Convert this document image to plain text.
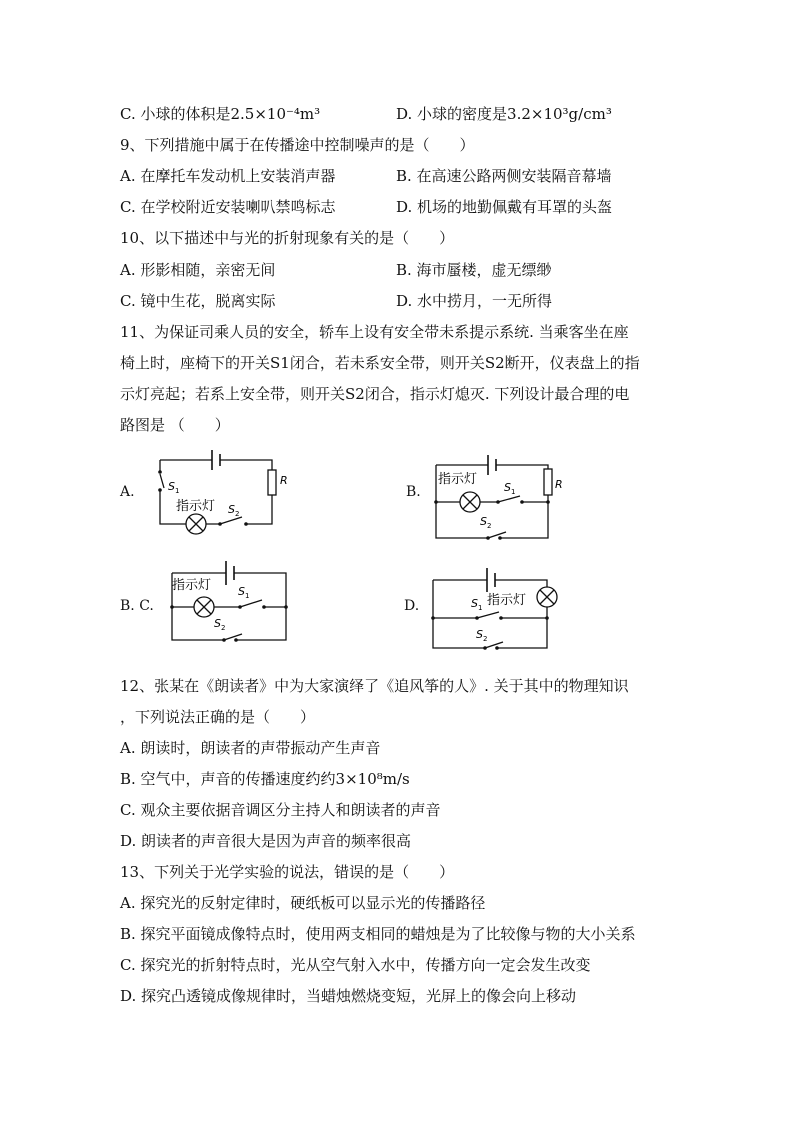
C. 小球的体积是2.5×10⁻⁴m³	D. 小球的密度是3.2×10³g/cm³
9、下列措施中属于在传播途中控制噪声的是（　　）
A. 在摩托车发动机上安装消声器	B. 在高速公路两侧安装隔音幕墙
C. 在学校附近安装喇叭禁鸣标志	D. 机场的地勤佩戴有耳罩的头盔
10、以下描述中与光的折射现象有关的是（　　）
A. 形影相随，亲密无间	B. 海市蜃楼，虚无缥缈
C. 镜中生花，脱离实际	D. 水中捞月，一无所得
11、为保证司乘人员的安全，轿车上设有安全带未系提示系统. 当乘客坐在座
椅上时，座椅下的开关S1闭合，若未系安全带，则开关S2断开，仪表盘上的指
示灯亮起；若系上安全带，则开关S2闭合，指示灯熄灭. 下列设计最合理的电
路图是 （　　）
A.	S 1
R
指示灯 S 2
B.
指示灯
S 1
R
S 2
B. C.
指示灯 S 1
S 2
D.	指示灯
S 1
S 2
12、张某在《朗读者》中为大家演绎了《追风筝的人》. 关于其中的物理知识
，下列说法正确的是（　　）
A. 朗读时，朗读者的声带振动产生声音
B. 空气中，声音的传播速度约约3×10⁸m/s
C. 观众主要依据音调区分主持人和朗读者的声音
D. 朗读者的声音很大是因为声音的频率很高
13、下列关于光学实验的说法，错误的是（　　）
A. 探究光的反射定律时，硬纸板可以显示光的传播路径
B. 探究平面镜成像特点时，使用两支相同的蜡烛是为了比较像与物的大小关系
C. 探究光的折射特点时，光从空气射入水中，传播方向一定会发生改变
D. 探究凸透镜成像规律时，当蜡烛燃烧变短，光屏上的像会向上移动
